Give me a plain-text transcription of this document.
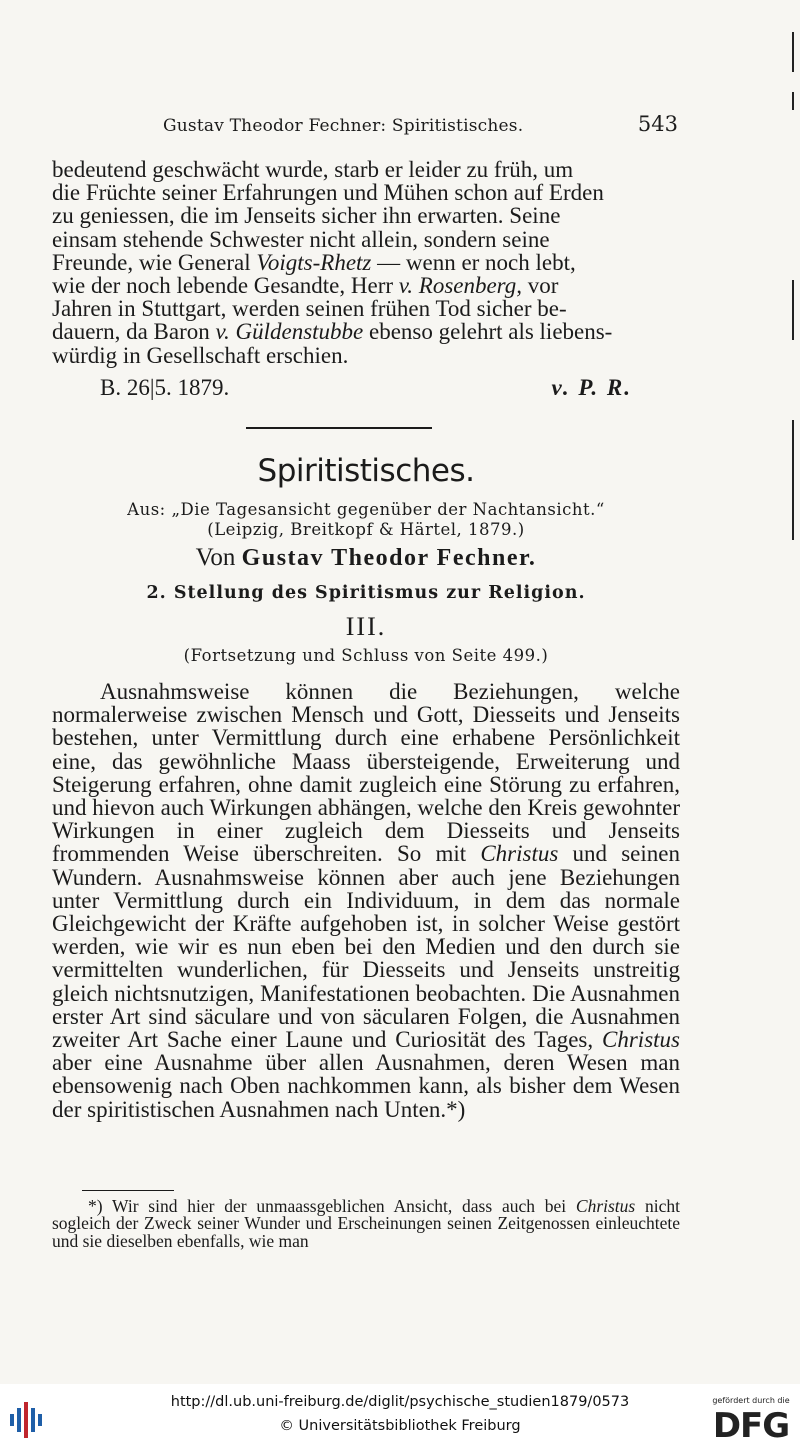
Gustav Theodor Fechner: Spiritistisches.	543

bedeutend geschwächt wurde, starb er leider zu früh, um

die Früchte seiner Erfahrungen und Mühen schon auf Erden

zu geniessen, die im Jenseits sicher ihn erwarten. Seine

einsam stehende Schwester nicht allein, sondern seine

Freunde, wie General Voigts-Rhetz — wenn er noch lebt,

wie der noch lebende Gesandte, Herr v. Rosenberg, vor

Jahren in Stuttgart, werden seinen frühen Tod sicher be-

dauern, da Baron v. Güldenstubbe ebenso gelehrt als liebens-

würdig in Gesellschaft erschien.

B. 26|5. 1879.	v. P. R.
Spiritistisches.
Aus: „Die Tagesansicht gegenüber der Nachtansicht.“
(Leipzig, Breitkopf & Härtel, 1879.)
Von Gustav Theodor Fechner.
2. Stellung des Spiritismus zur Religion.
III.
(Fortsetzung und Schluss von Seite 499.)

Ausnahmsweise können die Beziehungen, welche normalerweise zwischen Mensch und Gott, Diesseits und Jenseits bestehen, unter Vermittlung durch eine erhabene Persönlichkeit eine, das gewöhnliche Maass übersteigende, Erweiterung und Steigerung erfahren, ohne damit zugleich eine Störung zu erfahren, und hievon auch Wirkungen abhängen, welche den Kreis gewohnter Wirkungen in einer zugleich dem Diesseits und Jenseits frommenden Weise überschreiten. So mit Christus und seinen Wundern. Ausnahmsweise können aber auch jene Beziehungen unter Vermittlung durch ein Individuum, in dem das normale Gleichgewicht der Kräfte aufgehoben ist, in solcher Weise gestört werden, wie wir es nun eben bei den Medien und den durch sie vermittelten wunderlichen, für Diesseits und Jenseits unstreitig gleich nichtsnutzigen, Manifestationen beobachten. Die Ausnahmen erster Art sind säculare und von säcularen Folgen, die Ausnahmen zweiter Art Sache einer Laune und Curiosität des Tages, Christus aber eine Ausnahme über allen Ausnahmen, deren Wesen man ebensowenig nach Oben nachkommen kann, als bisher dem Wesen der spiritistischen Ausnahmen nach Unten.*)

*) Wir sind hier der unmaassgeblichen Ansicht, dass auch bei Christus nicht sogleich der Zweck seiner Wunder und Erscheinungen seinen Zeitgenossen einleuchtete und sie dieselben ebenfalls, wie man

http://dl.ub.uni-freiburg.de/diglit/psychische_studien1879/0573
© Universitätsbibliothek Freiburg
gefördert durch die
DFG
